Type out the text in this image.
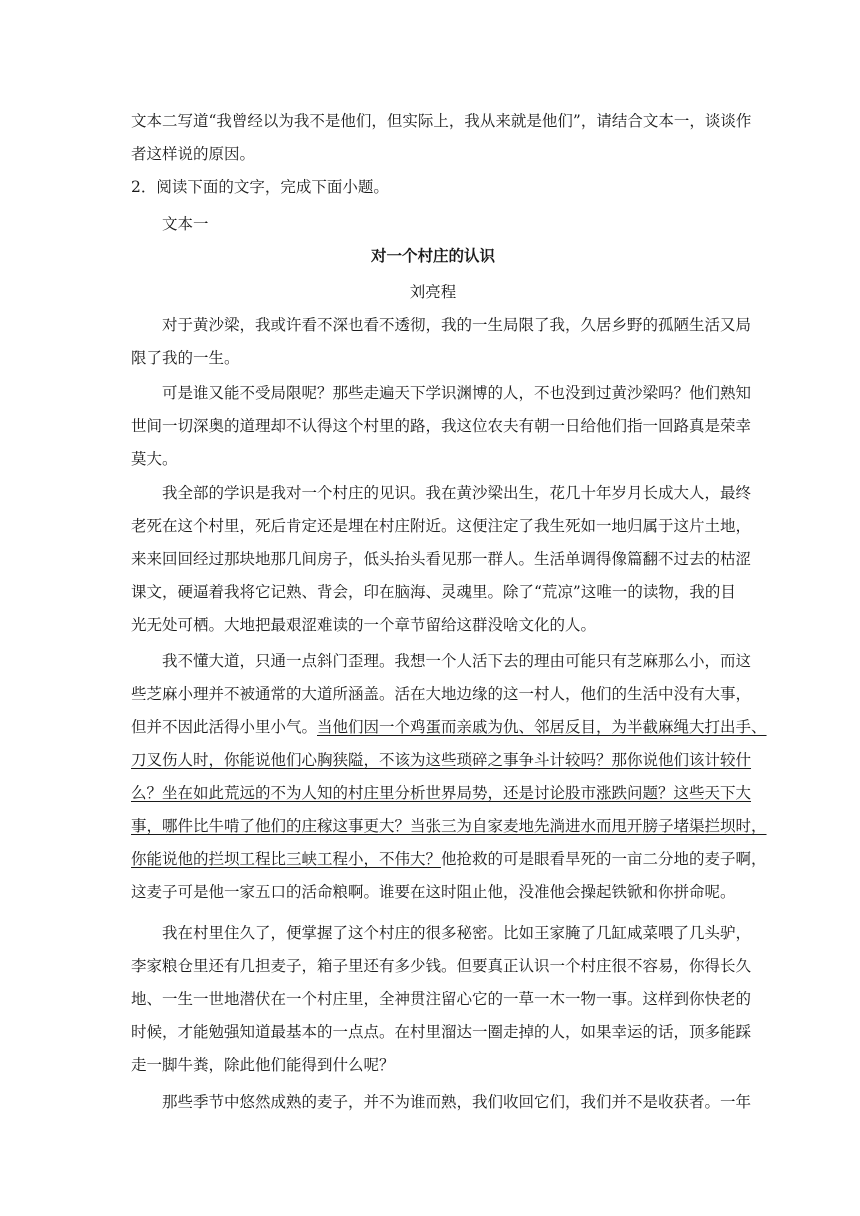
文本二写道“我曾经以为我不是他们，但实际上，我从来就是他们”，请结合文本一，谈谈作
者这样说的原因。
2．阅读下面的文字，完成下面小题。
文本一
对一个村庄的认识
刘亮程
对于黄沙梁，我或许看不深也看不透彻，我的一生局限了我，久居乡野的孤陋生活又局
限了我的一生。
可是谁又能不受局限呢？那些走遍天下学识渊博的人，不也没到过黄沙梁吗？他们熟知
世间一切深奥的道理却不认得这个村里的路，我这位农夫有朝一日给他们指一回路真是荣幸
莫大。
我全部的学识是我对一个村庄的见识。我在黄沙梁出生，花几十年岁月长成大人，最终
老死在这个村里，死后肯定还是埋在村庄附近。这便注定了我生死如一地归属于这片土地，
来来回回经过那块地那几间房子，低头抬头看见那一群人。生活单调得像篇翻不过去的枯涩
课文，硬逼着我将它记熟、背会，印在脑海、灵魂里。除了“荒凉”这唯一的读物，我的目
光无处可栖。大地把最艰涩难读的一个章节留给这群没啥文化的人。
我不懂大道，只通一点斜门歪理。我想一个人活下去的理由可能只有芝麻那么小，而这
些芝麻小理并不被通常的大道所涵盖。活在大地边缘的这一村人，他们的生活中没有大事，
但并不因此活得小里小气。当他们因一个鸡蛋而亲戚为仇、邻居反目，为半截麻绳大打出手、
刀叉伤人时，你能说他们心胸狭隘，不该为这些琐碎之事争斗计较吗？那你说他们该计较什
么？坐在如此荒远的不为人知的村庄里分析世界局势，还是讨论股市涨跌问题？这些天下大
事，哪件比牛啃了他们的庄稼这事更大？当张三为自家麦地先淌进水而甩开膀子堵渠拦坝时，
你能说他的拦坝工程比三峡工程小，不伟大？他抢救的可是眼看旱死的一亩二分地的麦子啊，
这麦子可是他一家五口的活命粮啊。谁要在这时阻止他，没准他会操起铁锨和你拼命呢。
我在村里住久了，便掌握了这个村庄的很多秘密。比如王家腌了几缸咸菜喂了几头驴，
李家粮仓里还有几担麦子，箱子里还有多少钱。但要真正认识一个村庄很不容易，你得长久
地、一生一世地潜伏在一个村庄里，全神贯注留心它的一草一木一物一事。这样到你快老的
时候，才能勉强知道最基本的一点点。在村里溜达一圈走掉的人，如果幸运的话，顶多能踩
走一脚牛粪，除此他们能得到什么呢？
那些季节中悠然成熟的麦子，并不为谁而熟，我们收回它们，我们并不是收获者。一年
